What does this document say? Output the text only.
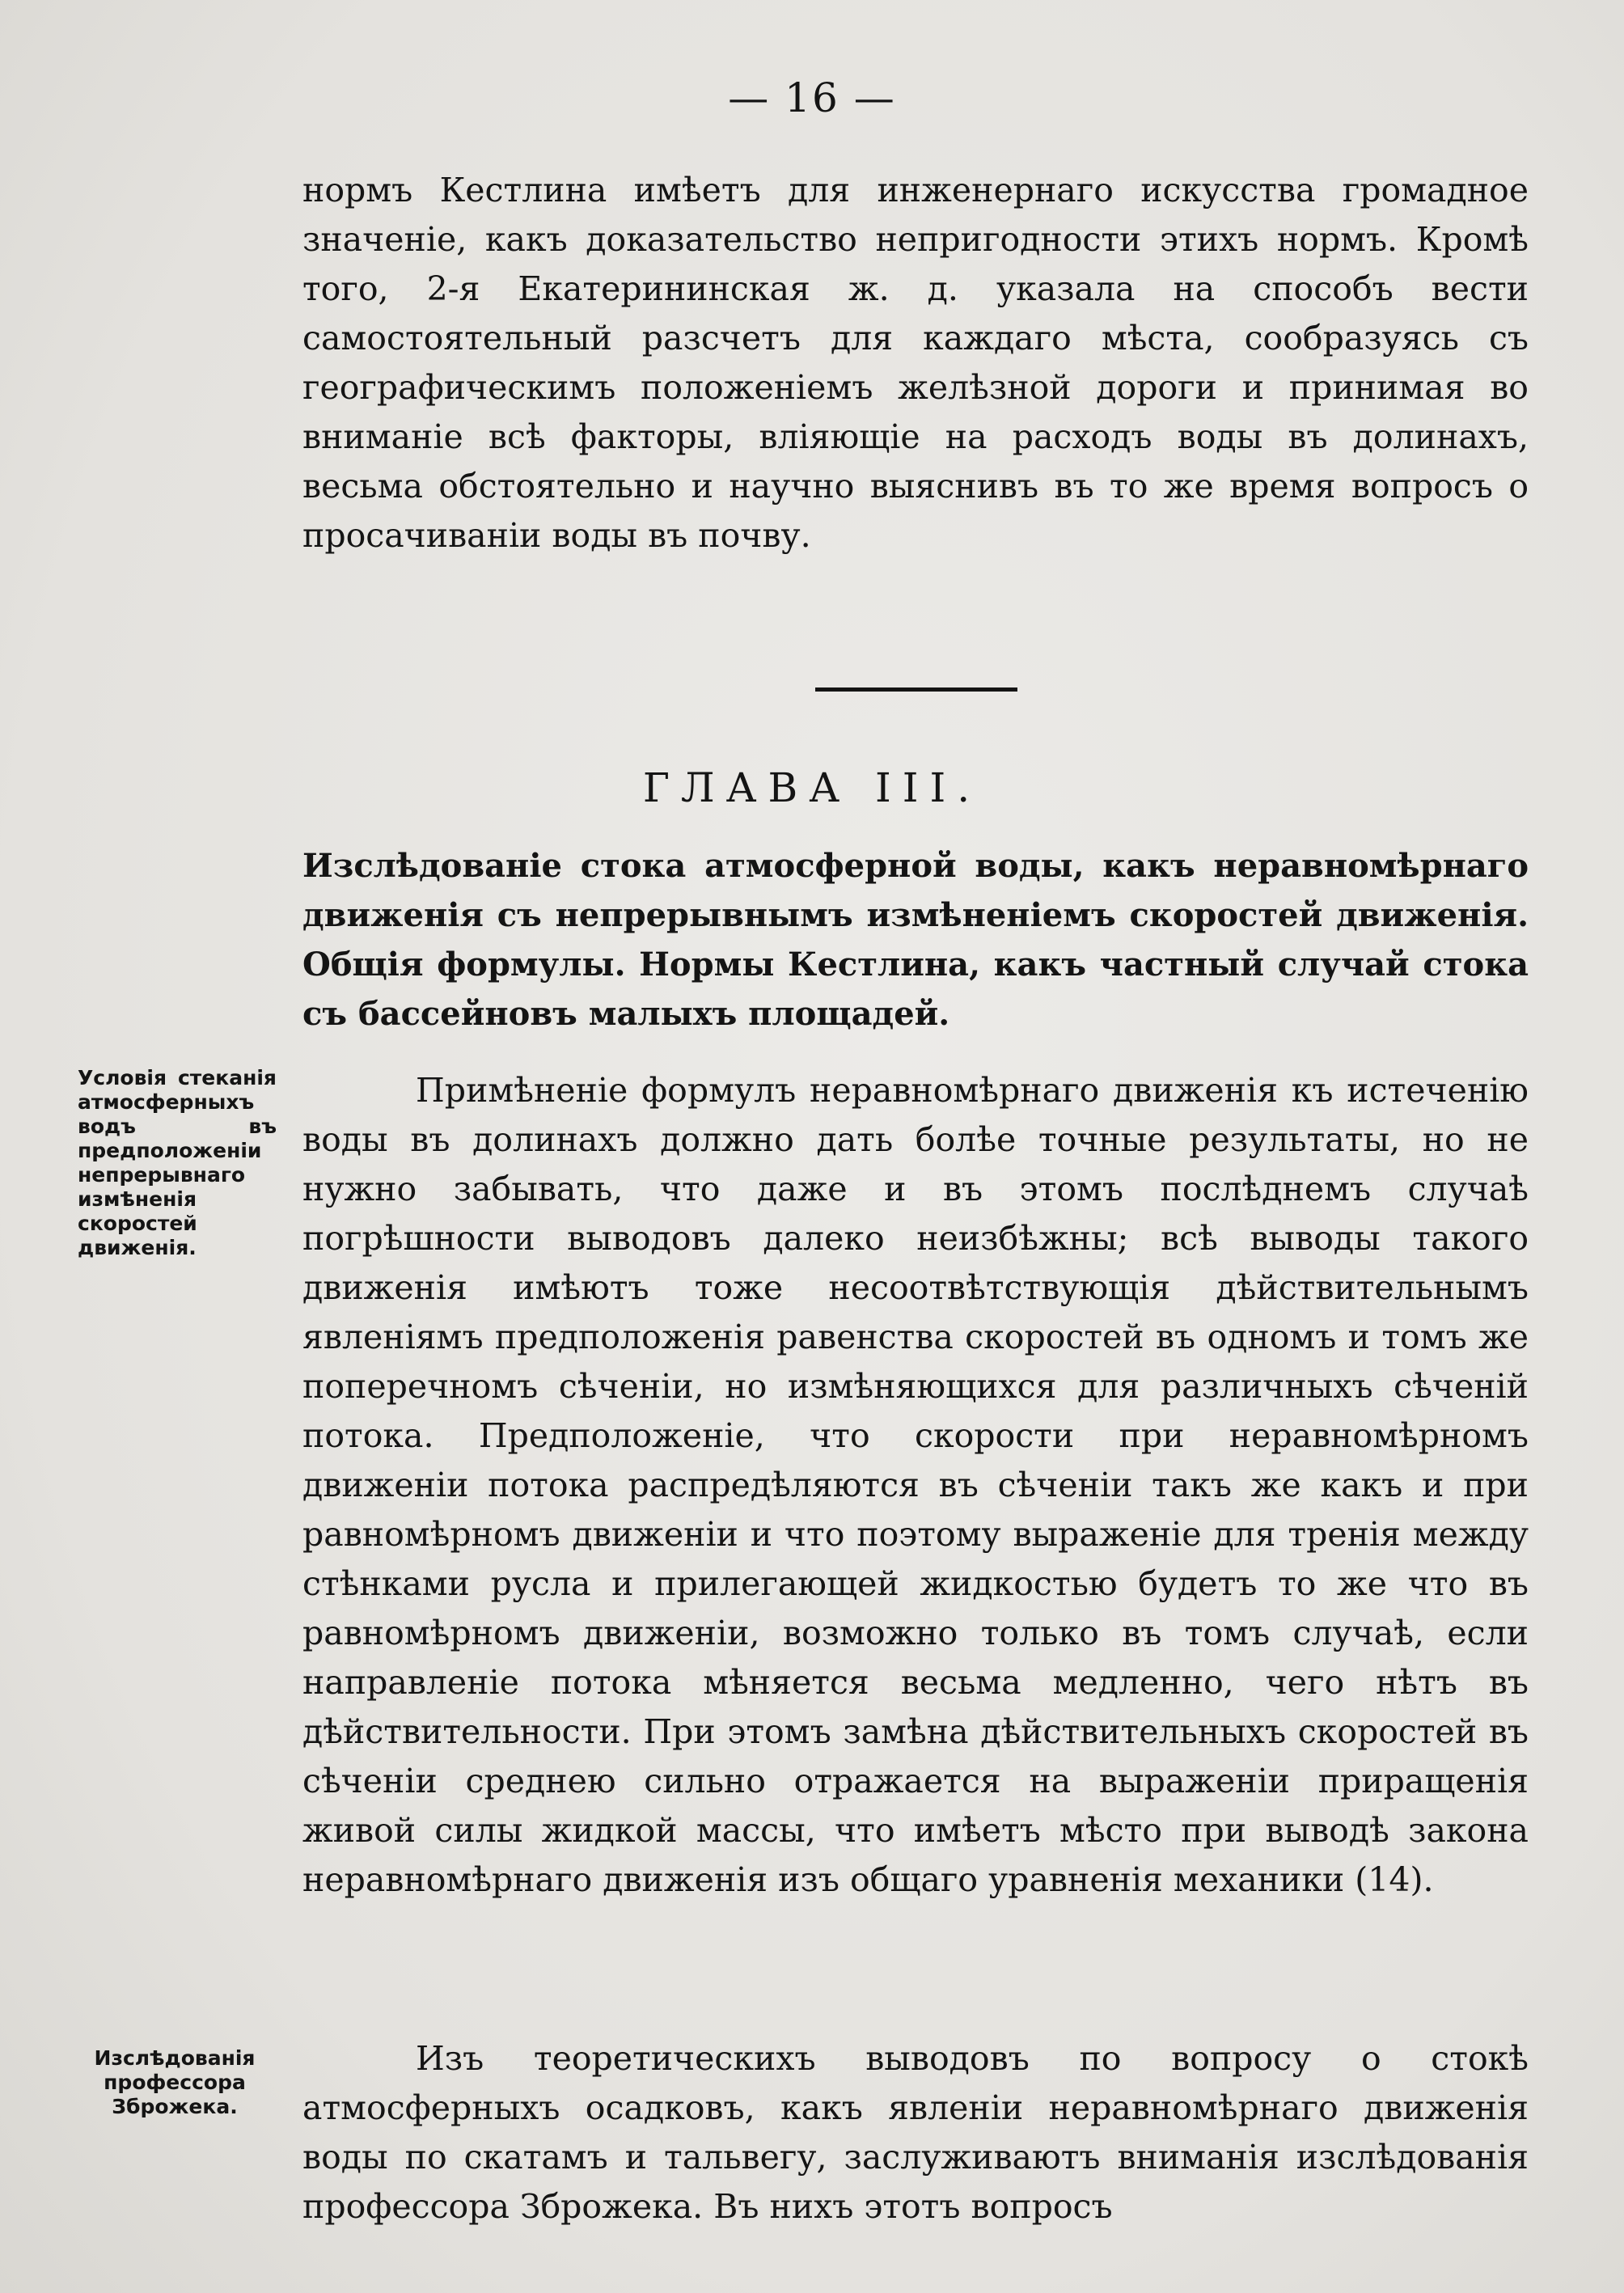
— 16 —

нормъ Кестлина имѣетъ для инженернаго искусства громадное значенiе, какъ доказательство непригодности этихъ нормъ. Кромѣ того, 2-я Екатерининская ж. д. указала на способъ вести самостоятельный разсчетъ для каждаго мѣста, сообразуясь съ географическимъ положенiемъ желѣзной дороги и принимая во вниманiе всѣ факторы, влiяющiе на расходъ воды въ долинахъ, весьма обстоятельно и научно выяснивъ въ то же время вопросъ о просачиванiи воды въ почву.

ГЛАВА III.

Изслѣдованiе стока атмосферной воды, какъ неравномѣрнаго движенiя съ непрерывнымъ измѣненiемъ скоростей движенiя. Общiя формулы. Нормы Кестлина, какъ частный случай стока съ бассейновъ малыхъ площадей.

Условiя стеканiя атмосферныхъ водъ въ предположенiи непрерывнаго измѣненiя скоростей движенiя.

Примѣненiе формулъ неравномѣрнаго движенiя къ истеченiю воды въ долинахъ должно дать болѣе точные результаты, но не нужно забывать, что даже и въ этомъ послѣднемъ случаѣ погрѣшности выводовъ далеко неизбѣжны; всѣ выводы такого движенiя имѣютъ тоже несоотвѣтствующiя дѣйствительнымъ явленiямъ предположенiя равенства скоростей въ одномъ и томъ же поперечномъ сѣченiи, но измѣняющихся для различныхъ сѣченiй потока. Предположенiе, что скорости при неравномѣрномъ движенiи потока распредѣляются въ сѣченiи такъ же какъ и при равномѣрномъ движенiи и что поэтому выраженiе для тренiя между стѣнками русла и прилегающей жидкостью будетъ то же что въ равномѣрномъ движенiи, возможно только въ томъ случаѣ, если направленiе потока мѣняется весьма медленно, чего нѣтъ въ дѣйствительности. При этомъ замѣна дѣйствительныхъ скоростей въ сѣченiи среднею сильно отражается на выраженiи приращенiя живой силы жидкой массы, что имѣетъ мѣсто при выводѣ закона неравномѣрнаго движенiя изъ общаго уравненiя механики (14).

Изслѣдованiя профессора Зброжека.

Изъ теоретическихъ выводовъ по вопросу о стокѣ атмосферныхъ осадковъ, какъ явленiи неравномѣрнаго движенiя воды по скатамъ и тальвегу, заслуживаютъ вниманiя изслѣдованiя профессора Зброжека. Въ нихъ этотъ вопросъ
